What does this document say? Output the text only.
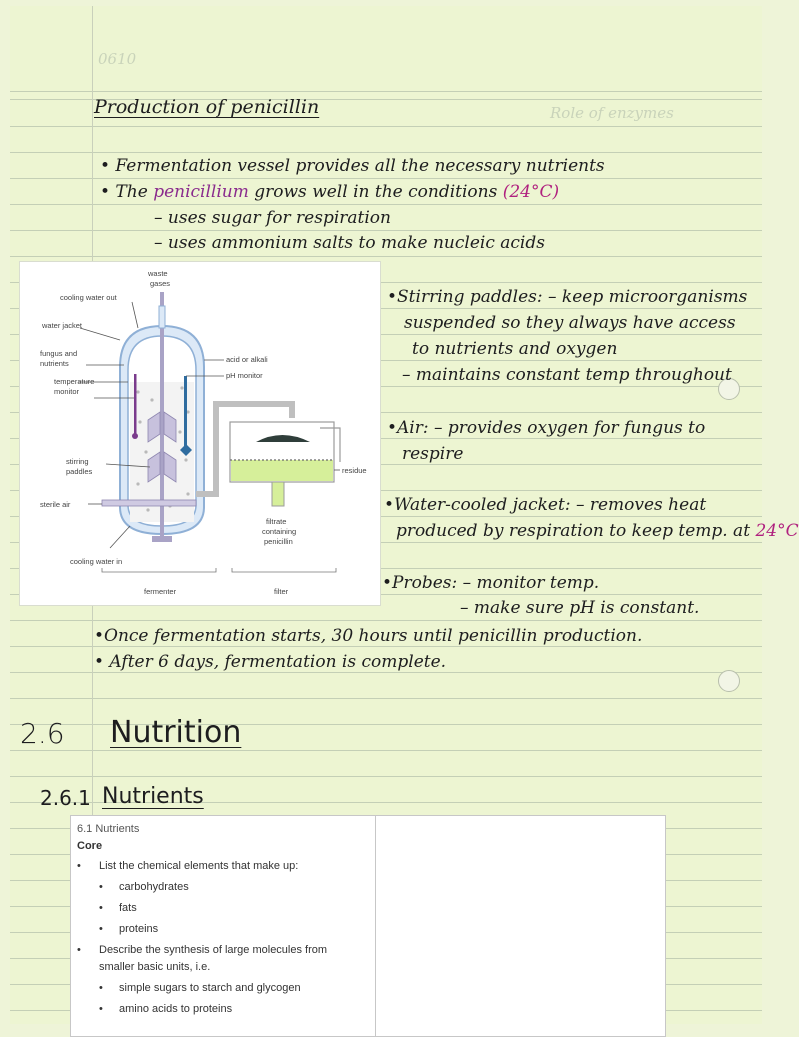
0610
Role of enzymes
Production of penicillin
• Fermentation vessel provides all the necessary nutrients
• The penicillium grows well in the conditions (24°C)
– uses sugar for respiration
– uses ammonium salts to make nucleic acids
•Stirring paddles: – keep microorganisms
suspended so they always have access
to nutrients and oxygen
– maintains constant temp throughout
•Air: – provides oxygen for fungus to
respire
•Water-cooled jacket: – removes heat
produced by respiration to keep temp. at 24°C
•Probes: – monitor temp.
– make sure pH is constant.
•Once fermentation starts, 30 hours until penicillin production.
• After 6 days, fermentation is complete.
2.6 Nutrition
2.6.1 Nutrients
waste
gases
cooling water out
water jacket
fungus and
nutrients
temperature
monitor
acid or alkali
pH monitor
stirring
paddles
sterile air
residue
filtrate
containing
penicillin
cooling water in
fermenter	filter
6.1 Nutrients
Core
• List the chemical elements that make up:
• carbohydrates
• fats
• proteins
• Describe the synthesis of large molecules from
smaller basic units, i.e.
• simple sugars to starch and glycogen
• amino acids to proteins
